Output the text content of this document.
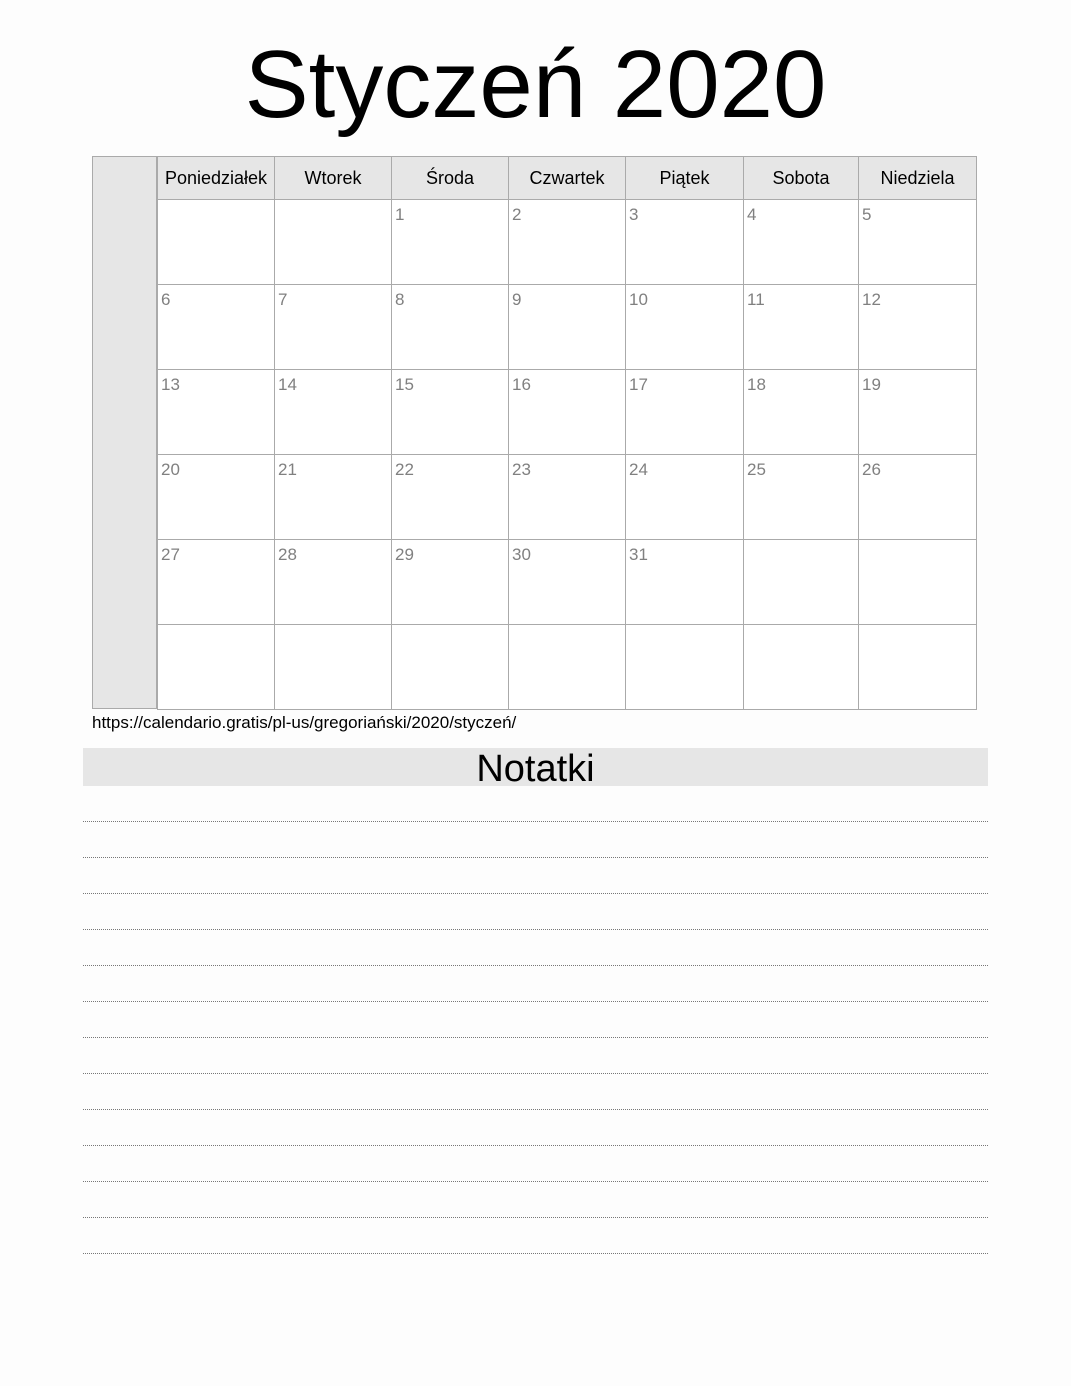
Styczeń 2020
Poniedziałek	Wtorek	Środa	Czwartek	Piątek	Sobota	Niedziela

		1	2	3	4	5

6	7	8	9	10	11	12

13	14	15	16	17	18	19

20	21	22	23	24	25	26

27	28	29	30	31		

https://calendario.gratis/pl-us/gregoriański/2020/styczeń/
Notatki
